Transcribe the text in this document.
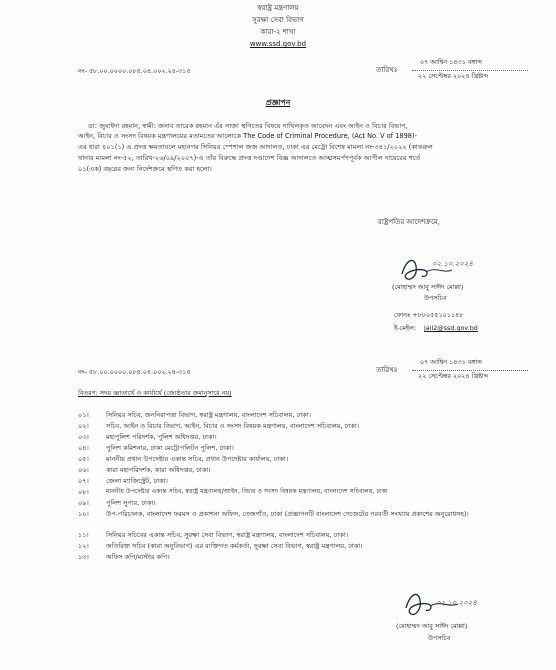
স্বরাষ্ট্র মন্ত্রণালয়
সুরক্ষা সেবা বিভাগ
কারা-২ শাখা
www.ssd.gov.bd
নং- ৫৮.০০.০০০০.০৮৫.০৪.০০২.২৪-৩১৫	তারিখঃ
০৭ আশ্বিন ১৪৩১ বঙ্গাব্দ
২২ সেপ্টেম্বর ২০২৪ খ্রিষ্টাব্দ
প্রজ্ঞাপন
ডা: জুবাইদা রহমান, স্বামী: জনাব তারেক রহমান এঁর সাজা স্থগিতের বিষয়ে দাখিলকৃত আবেদন এবং আইন ও বিচার বিভাগ,
আইন, বিচার ও সংসদ বিষয়ক মন্ত্রণালয়ের মতামতের আলোকে The Code of Criminal Procedure, (Act No. V of 1898)-
এর ধারা ৪০১(১) এ প্রদত্ত ক্ষমতাবলে মহানগর সিনিয়র স্পেশাল জজ আদালত, ঢাকা এর মেট্রো বিশেষ মামলা নং-৩৪১/২০২২ (কাফরুল
থানার মামলা নং-৫২, তারিখ-২৬/০৯/২০০৭)-এ তাঁর বিরুদ্ধে প্রদত্ত দণ্ডাদেশ বিজ্ঞ আদালতে আত্মসমর্পণপূর্বক আপীল দায়েরের শর্তে
০১(এক) বছরের জন্য নির্দেশক্রমে স্থগিত করা হলো।
রাষ্ট্রপতির আদেশক্রমে,
০২.১০.২০২৪
(মোহাম্মদ আবু সাঈদ মোল্লা)
উপসচিব
ফোনঃ +৮৮০৫৫১০১১৪৮
ই-মেইল: jail2@ssd.gov.bd
নং- ৫৮.০০.০০০০.০৮৫.০৪.০০২.২৪-৩১৫	তারিখঃ
০৭ আশ্বিন ১৪৩১ বঙ্গাব্দ
২২ সেপ্টেম্বর ২০২৪ খ্রিষ্টাব্দ
বিতরণ: সদয় জ্ঞাতার্থে ও কার্যার্থে (জ্যেষ্ঠতার ক্রমানুসারে নয়)
০১।	সিনিয়র সচিব, জননিরাপত্তা বিভাগ, স্বরাষ্ট্র মন্ত্রণালয়, বাংলাদেশ সচিবালয়, ঢাকা।
০২।	সচিব, আইন ও বিচার বিভাগ, আইন, বিচার ও সংসদ বিষয়ক মন্ত্রণালয়, বাংলাদেশ সচিবালয়, ঢাকা।
০৩।	মহাপুলিশ পরিদর্শক, পুলিশ অধিদপ্তর, ঢাকা।
০৪।	পুলিশ কমিশনার, ঢাকা মেট্রোপলিটন পুলিশ, ঢাকা।
০৫।	মাননীয় প্রধান উপদেষ্টার একান্ত সচিব, প্রধান উপদেষ্টার কার্যালয়, ঢাকা।
০৬।	কারা মহাপরিদর্শক, কারা অধিদপ্তর, ঢাকা।
০৭।	জেলা ম্যাজিস্ট্রেট, ঢাকা।
০৮।	মাননীয় উপদেষ্টার একান্ত সচিব, স্বরাষ্ট্র মন্ত্রণালয়/আইন, বিচার ও সংসদ বিষয়ক মন্ত্রণালয়, বাংলাদেশ সচিবালয়, ঢাকা
০৯।	পুলিশ সুপার, ঢাকা।
১০।	উপ-পরিচালক, বাংলাদেশ ফরমস ও প্রকাশনা অফিস, তেজগাঁও, ঢাকা (প্রজ্ঞাপনটি বাংলাদেশ গেজেটের পরবর্তী সংখ্যায় প্রকাশের অনুরোধসহ)।
১১।	সিনিয়র সচিবের একান্ত সচিব, সুরক্ষা সেবা বিভাগ, স্বরাষ্ট্র মন্ত্রণালয়, বাংলাদেশ সচিবালয়, ঢাকা।
১২।	অতিরিক্ত সচিব (কারা অনুবিভাগ) এর ব্যক্তিগত কর্মকর্তা, সুরক্ষা সেবা বিভাগ, স্বরাষ্ট্র মন্ত্রণালয়, ঢাকা।
১৩।	অফিস কপি/মাস্টার কপি।
০২.১০.২০২৪
(মোহাম্মদ আবু সাঈদ মোল্লা)
উপসচিব
